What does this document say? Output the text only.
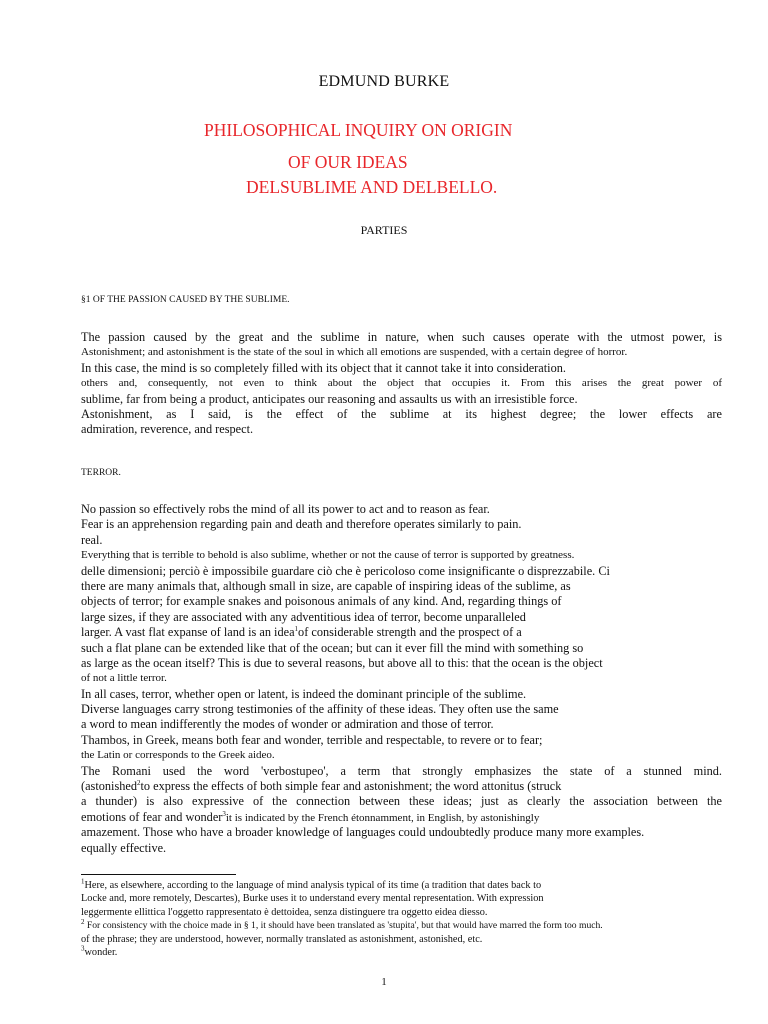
EDMUND BURKE
PHILOSOPHICAL INQUIRY ON ORIGIN
OF OUR IDEAS
DELSUBLIME AND DELBELLO.
PARTIES
§1 OF THE PASSION CAUSED BY THE SUBLIME.
The passion caused by the great and the sublime in nature, when such causes operate with the utmost power, is
Astonishment; and astonishment is the state of the soul in which all emotions are suspended, with a certain degree of horror.
In this case, the mind is so completely filled with its object that it cannot take it into consideration.
others and, consequently, not even to think about the object that occupies it. From this arises the great power of
sublime, far from being a product, anticipates our reasoning and assaults us with an irresistible force.
Astonishment, as I said, is the effect of the sublime at its highest degree; the lower effects are
admiration, reverence, and respect.
TERROR.
No passion so effectively robs the mind of all its power to act and to reason as fear.
Fear is an apprehension regarding pain and death and therefore operates similarly to pain.
real.
Everything that is terrible to behold is also sublime, whether or not the cause of terror is supported by greatness.
delle dimensioni; perciò è impossibile guardare ciò che è pericoloso come insignificante o disprezzabile. Ci
there are many animals that, although small in size, are capable of inspiring ideas of the sublime, as
objects of terror; for example snakes and poisonous animals of any kind. And, regarding things of
large sizes, if they are associated with any adventitious idea of terror, become unparalleled
larger. A vast flat expanse of land is an idea$^1$of considerable strength and the prospect of a
such a flat plane can be extended like that of the ocean; but can it ever fill the mind with something so
as large as the ocean itself? This is due to several reasons, but above all to this: that the ocean is the object
of not a little terror.
In all cases, terror, whether open or latent, is indeed the dominant principle of the sublime.
Diverse languages carry strong testimonies of the affinity of these ideas. They often use the same
a word to mean indifferently the modes of wonder or admiration and those of terror.
Thambos, in Greek, means both fear and wonder, terrible and respectable, to revere or to fear;
the Latin or corresponds to the Greek aideo.
The Romani used the word 'verbostupeo', a term that strongly emphasizes the state of a stunned mind.
(astonished$^2$to express the effects of both simple fear and astonishment; the word attonitus (struck
a thunder) is also expressive of the connection between these ideas; just as clearly the association between the
emotions of fear and wonder$^3$it is indicated by the French étonnamment, in English, by astonishingly
amazement. Those who have a broader knowledge of languages could undoubtedly produce many more examples.
equally effective.
$^1$Here, as elsewhere, according to the language of mind analysis typical of its time (a tradition that dates back to
Locke and, more remotely, Descartes), Burke uses it to understand every mental representation. With expression
leggermente ellittica l'oggetto rappresentato è dettoidea, senza distinguere tra oggetto eidea diesso.
$^2$ For consistency with the choice made in § 1, it should have been translated as 'stupita', but that would have marred the form too much.
of the phrase; they are understood, however, normally translated as astonishment, astonished, etc.
$^3$wonder.
1
